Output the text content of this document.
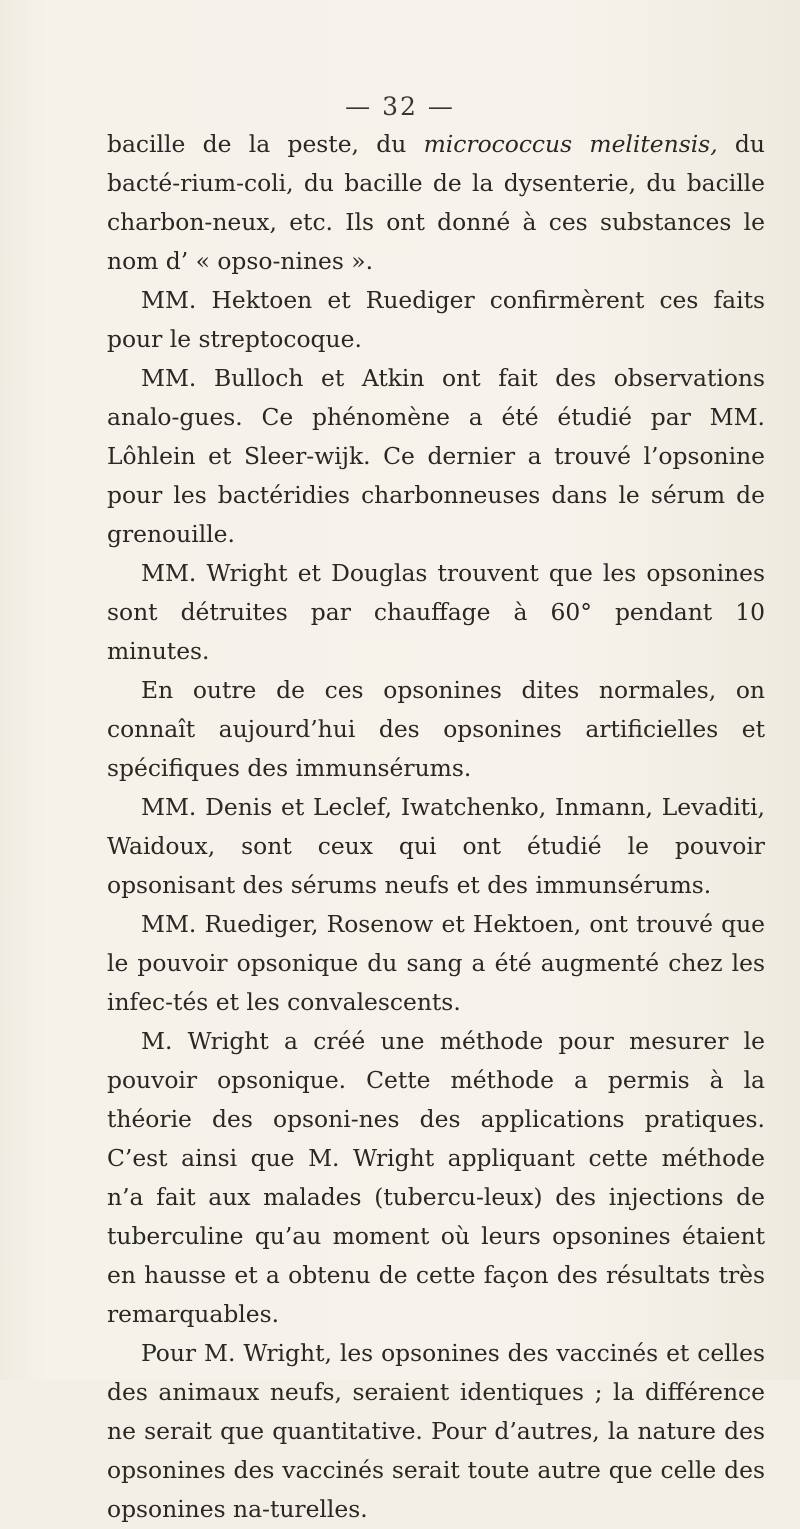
— 32 —

bacille de la peste, du micrococcus melitensis, du bacté-rium-coli, du bacille de la dysenterie, du bacille charbon-neux, etc. Ils ont donné à ces substances le nom d’ « opso-nines ».

MM. Hektoen et Ruediger confirmèrent ces faits pour le streptocoque.

MM. Bulloch et Atkin ont fait des observations analo-gues. Ce phénomène a été étudié par MM. Lôhlein et Sleer-wijk. Ce dernier a trouvé l’opsonine pour les bactéridies charbonneuses dans le sérum de grenouille.

MM. Wright et Douglas trouvent que les opsonines sont détruites par chauffage à 60° pendant 10 minutes.

En outre de ces opsonines dites normales, on connaît aujourd’hui des opsonines artificielles et spécifiques des immunsérums.

MM. Denis et Leclef, Iwatchenko, Inmann, Levaditi, Waidoux, sont ceux qui ont étudié le pouvoir opsonisant des sérums neufs et des immunsérums.

MM. Ruediger, Rosenow et Hektoen, ont trouvé que le pouvoir opsonique du sang a été augmenté chez les infec-tés et les convalescents.

M. Wright a créé une méthode pour mesurer le pouvoir opsonique. Cette méthode a permis à la théorie des opsoni-nes des applications pratiques. C’est ainsi que M. Wright appliquant cette méthode n’a fait aux malades (tubercu-leux) des injections de tuberculine qu’au moment où leurs opsonines étaient en hausse et a obtenu de cette façon des résultats très remarquables.

Pour M. Wright, les opsonines des vaccinés et celles des animaux neufs, seraient identiques ; la différence ne serait que quantitative. Pour d’autres, la nature des opsonines des vaccinés serait toute autre que celle des opsonines na-turelles.
